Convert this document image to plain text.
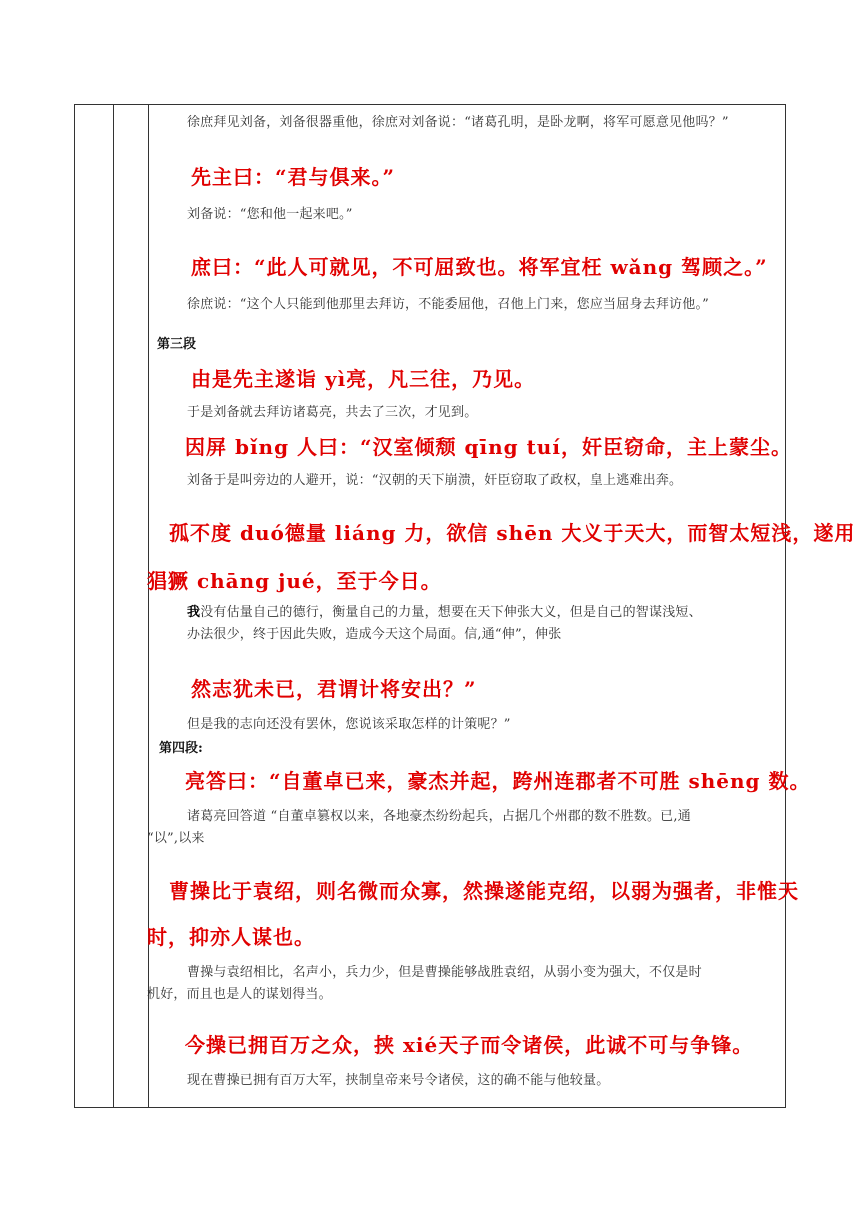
徐庶拜见刘备，刘备很器重他，徐庶对刘备说：“诸葛孔明，是卧龙啊，将军可愿意见他吗？”
先主曰：“君与俱来。”
刘备说：“您和他一起来吧。”
庶曰：“此人可就见，不可屈致也。将军宜枉 wǎng 驾顾之。”
徐庶说：“这个人只能到他那里去拜访，不能委屈他，召他上门来，您应当屈身去拜访他。”
第三段
由是先主遂诣 yì亮，凡三往，乃见。
于是刘备就去拜访诸葛亮，共去了三次，才见到。
因屏 bǐng 人曰：“汉室倾颓 qīng tuí，奸臣窃命，主上蒙尘。
刘备于是叫旁边的人避开，说：“汉朝的天下崩溃，奸臣窃取了政权，皇上逃难出奔。
孤不度 duó德量 liáng 力，欲信 shēn 大义于天大，而智太短浅，遂用
猖獗 chāng jué，至于今日。
我没有估量自己的德行，衡量自己的力量，想要在天下伸张大义，但是自己的智谋浅短、
办法很少，终于因此失败，造成今天这个局面。信,通“伸”，伸张
然志犹未已，君谓计将安出？”
但是我的志向还没有罢休，您说该采取怎样的计策呢？”
第四段:
亮答曰：“自董卓已来，豪杰并起，跨州连郡者不可胜 shēng 数。
诸葛亮回答道 “自董卓篡权以来，各地豪杰纷纷起兵，占据几个州郡的数不胜数。已,通
“以”,以来
曹操比于袁绍，则名微而众寡，然操遂能克绍，以弱为强者，非惟天
时，抑亦人谋也。
曹操与袁绍相比，名声小，兵力少，但是曹操能够战胜袁绍，从弱小变为强大，不仅是时
机好，而且也是人的谋划得当。
今操已拥百万之众，挟 xié天子而令诸侯，此诚不可与争锋。
现在曹操已拥有百万大军，挟制皇帝来号令诸侯，这的确不能与他较量。
